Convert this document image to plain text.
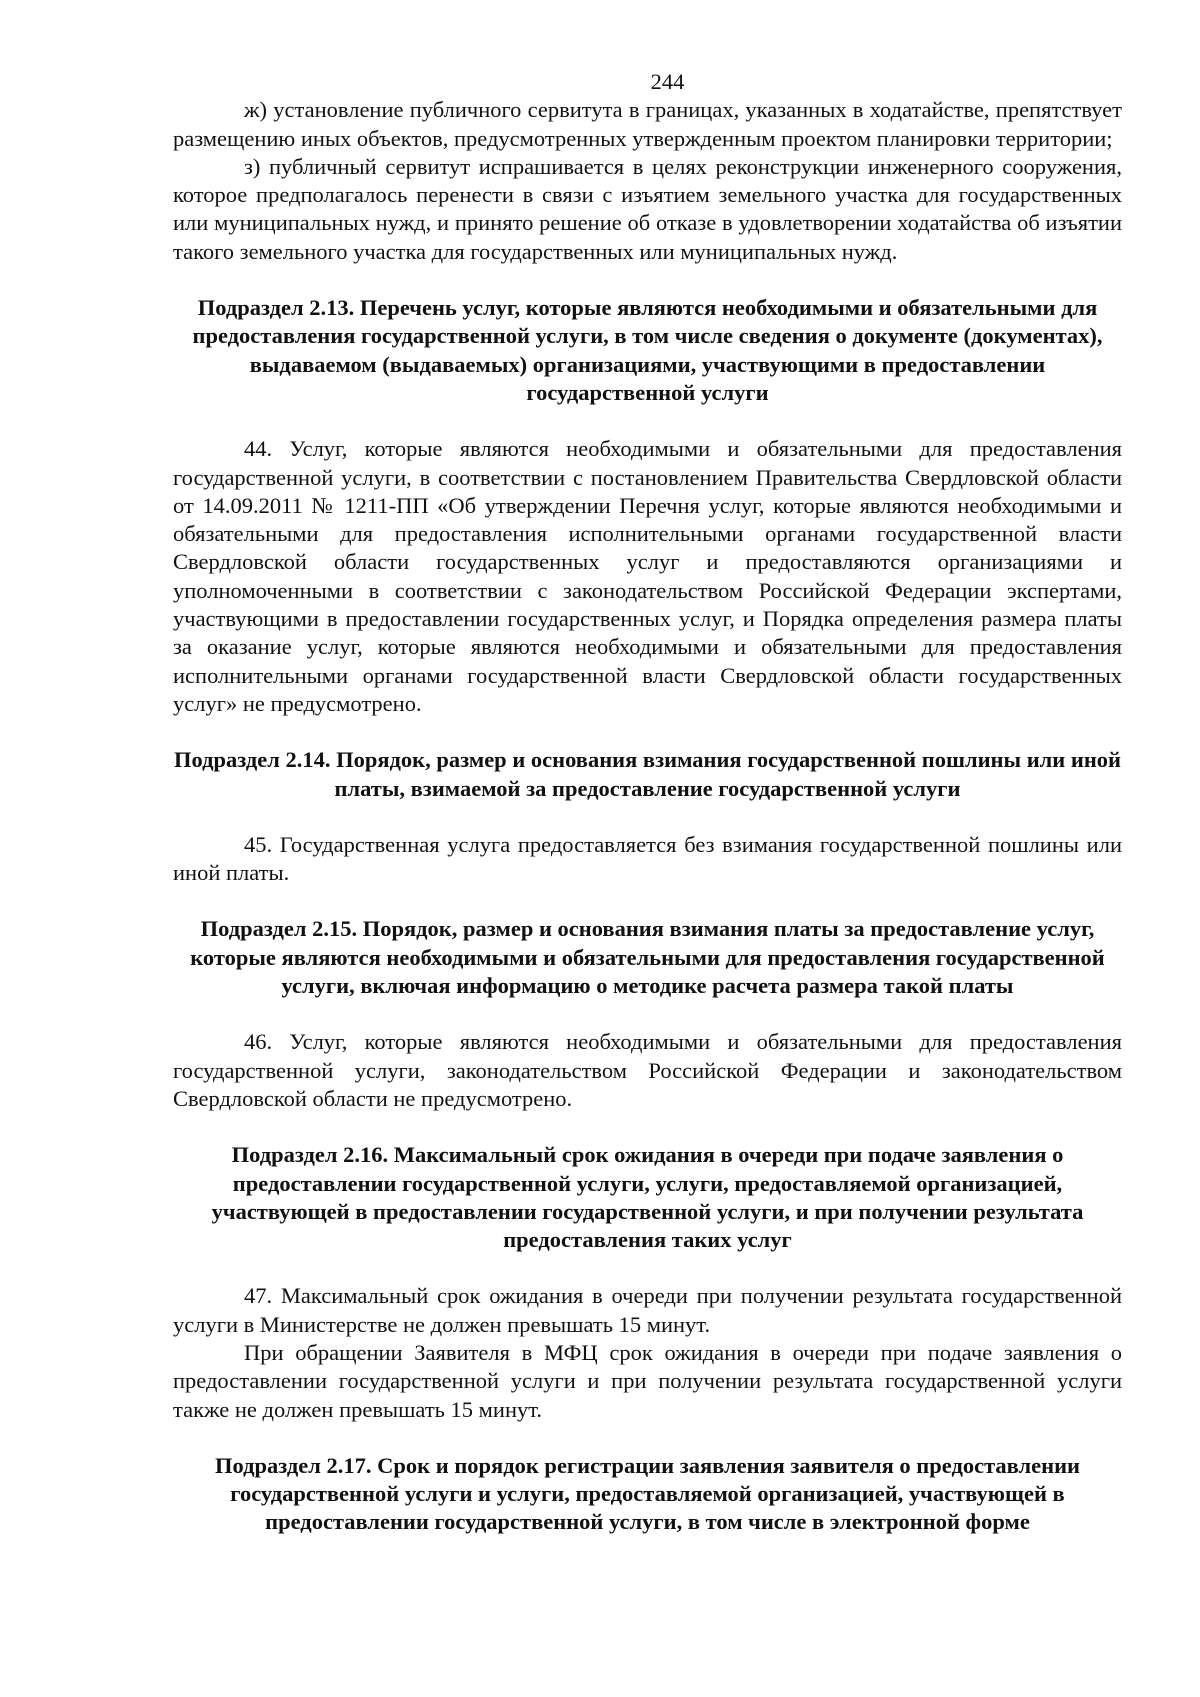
244

ж) установление публичного сервитута в границах, указанных в ходатайстве, препятствует размещению иных объектов, предусмотренных утвержденным проектом планировки территории;

з) публичный сервитут испрашивается в целях реконструкции инженерного сооружения, которое предполагалось перенести в связи с изъятием земельного участка для государственных или муниципальных нужд, и принято решение об отказе в удовлетворении ходатайства об изъятии такого земельного участка для государственных или муниципальных нужд.

Подраздел 2.13. Перечень услуг, которые являются необходимыми и обязательными для предоставления государственной услуги, в том числе сведения о документе (документах), выдаваемом (выдаваемых) организациями, участвующими в предоставлении государственной услуги

44. Услуг, которые являются необходимыми и обязательными для предоставления государственной услуги, в соответствии с постановлением Правительства Свердловской области от 14.09.2011 № 1211-ПП «Об утверждении Перечня услуг, которые являются необходимыми и обязательными для предоставления исполнительными органами государственной власти Свердловской области государственных услуг и предоставляются организациями и уполномоченными в соответствии с законодательством Российской Федерации экспертами, участвующими в предоставлении государственных услуг, и Порядка определения размера платы за оказание услуг, которые являются необходимыми и обязательными для предоставления исполнительными органами государственной власти Свердловской области государственных услуг» не предусмотрено.

Подраздел 2.14. Порядок, размер и основания взимания государственной пошлины или иной платы, взимаемой за предоставление государственной услуги

45. Государственная услуга предоставляется без взимания государственной пошлины или иной платы.

Подраздел 2.15. Порядок, размер и основания взимания платы за предоставление услуг, которые являются необходимыми и обязательными для предоставления государственной услуги, включая информацию о методике расчета размера такой платы

46. Услуг, которые являются необходимыми и обязательными для предоставления государственной услуги, законодательством Российской Федерации и законодательством Свердловской области не предусмотрено.

Подраздел 2.16. Максимальный срок ожидания в очереди при подаче заявления о предоставлении государственной услуги, услуги, предоставляемой организацией, участвующей в предоставлении государственной услуги, и при получении результата предоставления таких услуг

47. Максимальный срок ожидания в очереди при получении результата государственной услуги в Министерстве не должен превышать 15 минут.

При обращении Заявителя в МФЦ срок ожидания в очереди при подаче заявления о предоставлении государственной услуги и при получении результата государственной услуги также не должен превышать 15 минут.

Подраздел 2.17. Срок и порядок регистрации заявления заявителя о предоставлении государственной услуги и услуги, предоставляемой организацией, участвующей в предоставлении государственной услуги, в том числе в электронной форме
